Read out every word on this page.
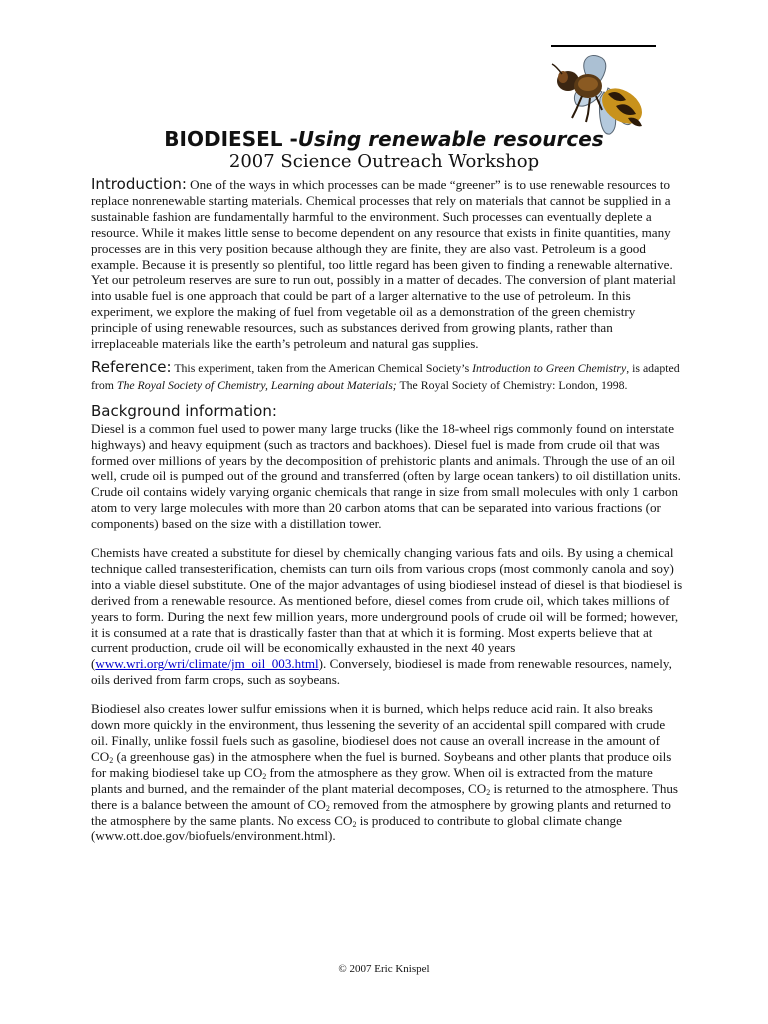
BIODIESEL -Using renewable resources
2007 Science Outreach Workshop

Introduction: One of the ways in which processes can be made “greener” is to use renewable resources to replace nonrenewable starting materials. Chemical processes that rely on materials that cannot be supplied in a sustainable fashion are fundamentally harmful to the environment. Such processes can eventually deplete a resource. While it makes little sense to become dependent on any resource that exists in finite quantities, many processes are in this very position because although they are finite, they are also vast. Petroleum is a good example. Because it is presently so plentiful, too little regard has been given to finding a renewable alternative. Yet our petroleum reserves are sure to run out, possibly in a matter of decades. The conversion of plant material into usable fuel is one approach that could be part of a larger alternative to the use of petroleum. In this experiment, we explore the making of fuel from vegetable oil as a demonstration of the green chemistry principle of using renewable resources, such as substances derived from growing plants, rather than irreplaceable materials like the earth’s petroleum and natural gas supplies.

Reference: This experiment, taken from the American Chemical Society’s Introduction to Green Chemistry, is adapted from The Royal Society of Chemistry, Learning about Materials; The Royal Society of Chemistry: London, 1998.

Background information:

Diesel is a common fuel used to power many large trucks (like the 18-wheel rigs commonly found on interstate highways) and heavy equipment (such as tractors and backhoes). Diesel fuel is made from crude oil that was formed over millions of years by the decomposition of prehistoric plants and animals. Through the use of an oil well, crude oil is pumped out of the ground and transferred (often by large ocean tankers) to oil distillation units. Crude oil contains widely varying organic chemicals that range in size from small molecules with only 1 carbon atom to very large molecules with more than 20 carbon atoms that can be separated into various fractions (or components) based on the size with a distillation tower.

Chemists have created a substitute for diesel by chemically changing various fats and oils. By using a chemical technique called transesterification, chemists can turn oils from various crops (most commonly canola and soy) into a viable diesel substitute. One of the major advantages of using biodiesel instead of diesel is that biodiesel is derived from a renewable resource. As mentioned before, diesel comes from crude oil, which takes millions of years to form. During the next few million years, more underground pools of crude oil will be formed; however, it is consumed at a rate that is drastically faster than that at which it is forming. Most experts believe that at current production, crude oil will be economically exhausted in the next 40 years (www.wri.org/wri/climate/jm_oil_003.html). Conversely, biodiesel is made from renewable resources, namely, oils derived from farm crops, such as soybeans.

Biodiesel also creates lower sulfur emissions when it is burned, which helps reduce acid rain. It also breaks down more quickly in the environment, thus lessening the severity of an accidental spill compared with crude oil. Finally, unlike fossil fuels such as gasoline, biodiesel does not cause an overall increase in the amount of $CO_2$ (a greenhouse gas) in the atmosphere when the fuel is burned. Soybeans and other plants that produce oils for making biodiesel take up $CO_2$ from the atmosphere as they grow. When oil is extracted from the mature plants and burned, and the remainder of the plant material decomposes, $CO_2$ is returned to the atmosphere. Thus there is a balance between the amount of $CO_2$ removed from the atmosphere by growing plants and returned to the atmosphere by the same plants. No excess $CO_2$ is produced to contribute to global climate change (www.ott.doe.gov/biofuels/environment.html).

© 2007 Eric Knispel
